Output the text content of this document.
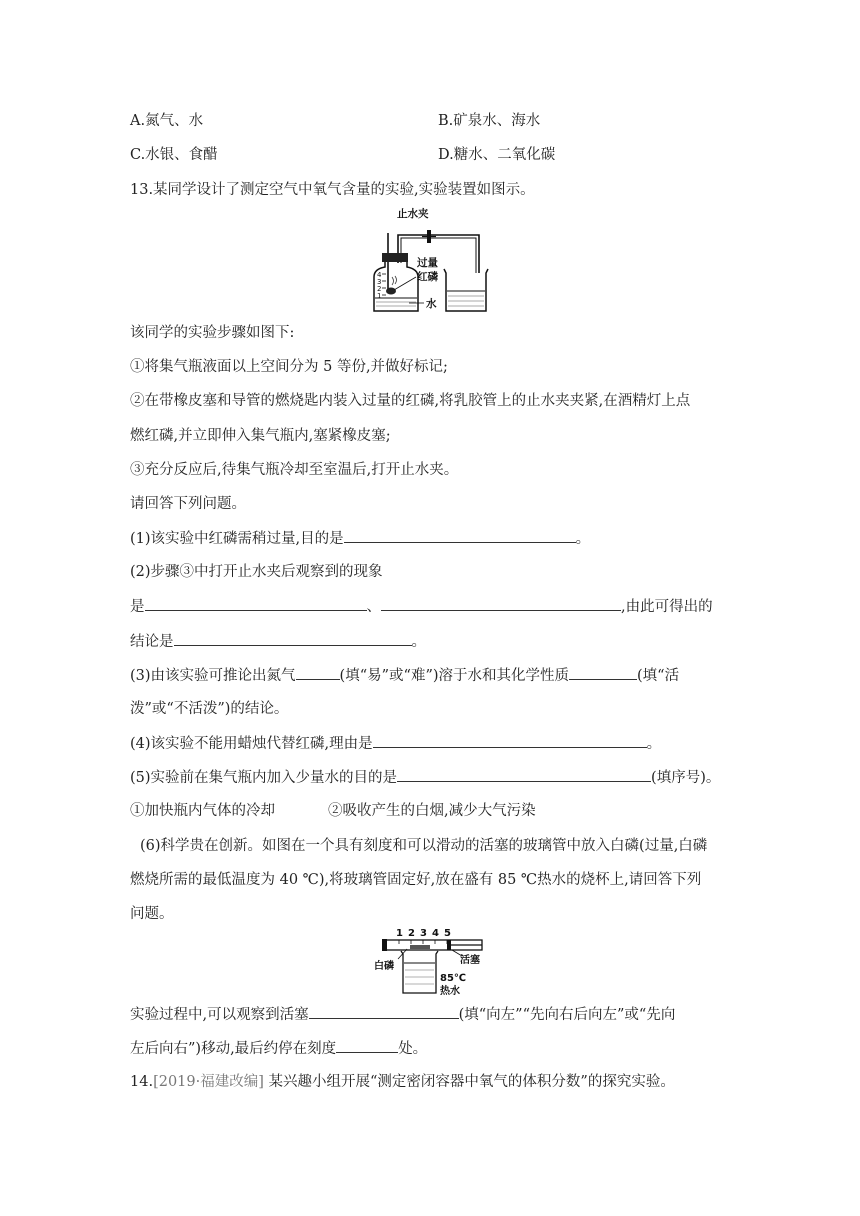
A.氮气、水	B.矿泉水、海水
C.水银、食醋	D.糖水、二氧化碳
13.某同学设计了测定空气中氧气含量的实验,实验装置如图示。
止水夹
4
3
2
1
过量
红磷
水
该同学的实验步骤如图下:
①将集气瓶液面以上空间分为 5 等份,并做好标记;
②在带橡皮塞和导管的燃烧匙内装入过量的红磷,将乳胶管上的止水夹夹紧,在酒精灯上点
燃红磷,并立即伸入集气瓶内,塞紧橡皮塞;
③充分反应后,待集气瓶冷却至室温后,打开止水夹。
请回答下列问题。
(1)该实验中红磷需稍过量,目的是	。
(2)步骤③中打开止水夹后观察到的现象
是	、	,由此可得出的
结论是	。
(3)由该实验可推论出氮气	(填“易”或“难”)溶于水和其化学性质	(填“活
泼”或“不活泼”)的结论。
(4)该实验不能用蜡烛代替红磷,理由是	。
(5)实验前在集气瓶内加入少量水的目的是	(填序号)。
①加快瓶内气体的冷却	②吸收产生的白烟,减少大气污染
(6)科学贵在创新。如图在一个具有刻度和可以滑动的活塞的玻璃管中放入白磷(过量,白磷
燃烧所需的最低温度为 40 ℃),将玻璃管固定好,放在盛有 85 ℃热水的烧杯上,请回答下列
问题。
1 2 3 4 5
活塞
白磷
85℃
热水
实验过程中,可以观察到活塞	(填“向左”“先向右后向左”或“先向
左后向右”)移动,最后约停在刻度	处。
14.[2019·福建改编] 某兴趣小组开展“测定密闭容器中氧气的体积分数”的探究实验。
